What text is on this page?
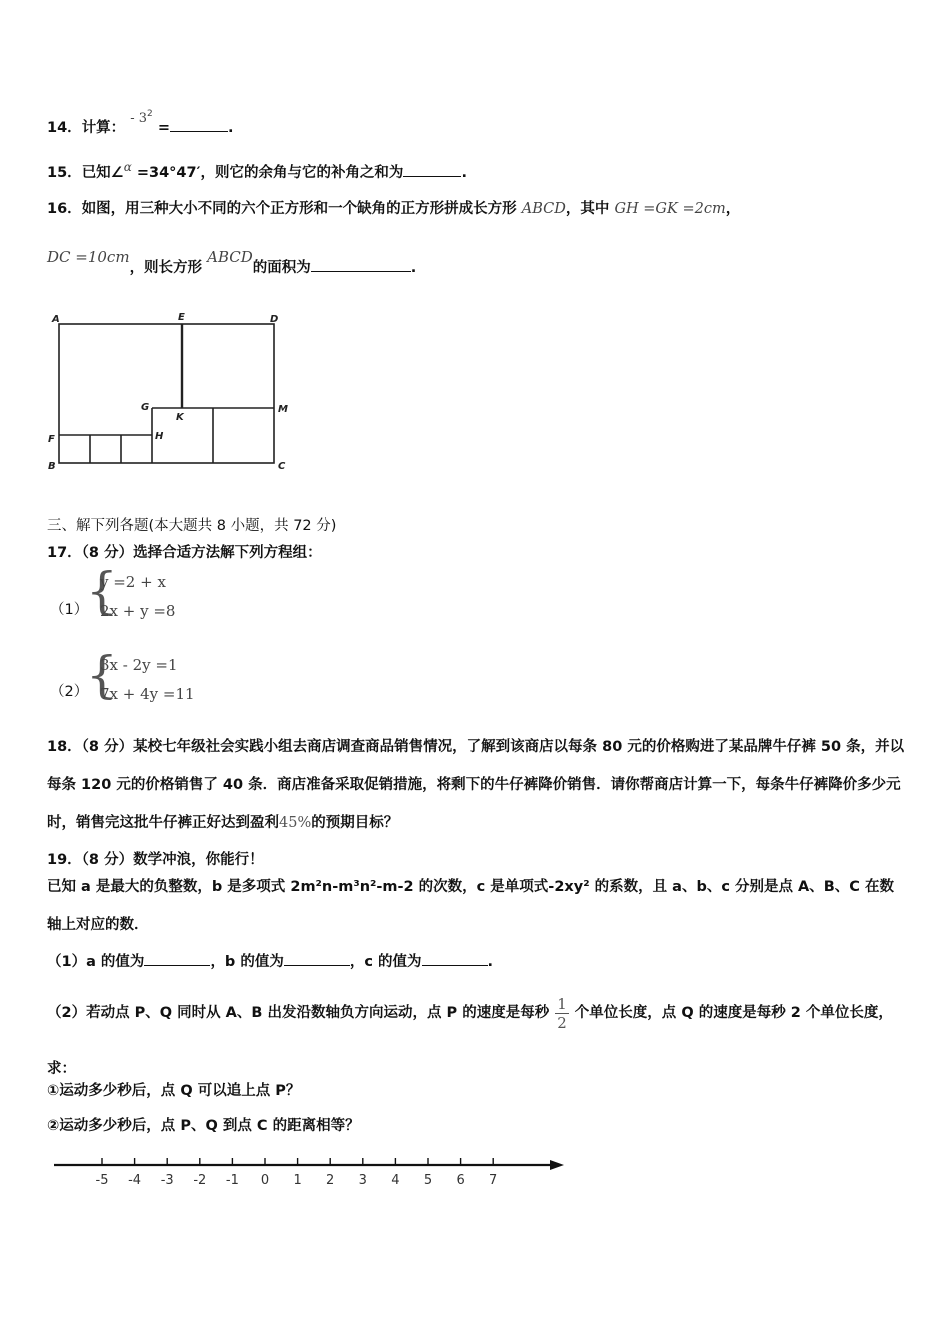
14．计算： - $3^2$ =	.
15．已知∠$^\alpha$ =34°47′，则它的余角与它的补角之和为	.
16．如图，用三种大小不同的六个正方形和一个缺角的正方形拼成长方形 ABCD，其中 GH =GK =2cm，
DC =10cm，则长方形 ABCD的面积为	.
A	E	D
G
K
M
F	H
B	C
三、解下列各题(本大题共 8 小题，共 72 分)
17．（8 分）选择合适方法解下列方程组：
（1）
{
y =2 + x
2x + y =8
（2）
{
3x - 2y =1
7x + 4y =11
18．（8 分）某校七年级社会实践小组去商店调查商品销售情况，了解到该商店以每条 80 元的价格购进了某品牌牛仔裤 50 条，并以每条 120 元的价格销售了 40 条．商店准备采取促销措施，将剩下的牛仔裤降价销售．请你帮商店计算一下，每条牛仔裤降价多少元时，销售完这批牛仔裤正好达到盈利45%的预期目标？
19．（8 分）数学冲浪，你能行！
已知 a 是最大的负整数，b 是多项式 2m²n-m³n²-m-2 的次数，c 是单项式-2xy² 的系数，且 a、b、c 分别是点 A、B、C 在数轴上对应的数．
（1）a 的值为	，b 的值为	，c 的值为	.
（2）若动点 P、Q 同时从 A、B 出发沿数轴负方向运动，点 P 的速度是每秒 $\frac{1}{2}$ 个单位长度，点 Q 的速度是每秒 2 个单位长度，求：
①运动多少秒后，点 Q 可以追上点 P？
②运动多少秒后，点 P、Q 到点 C 的距离相等？
-5 -4 -3 -2 -1 0 1 2 3 4 5 6 7
